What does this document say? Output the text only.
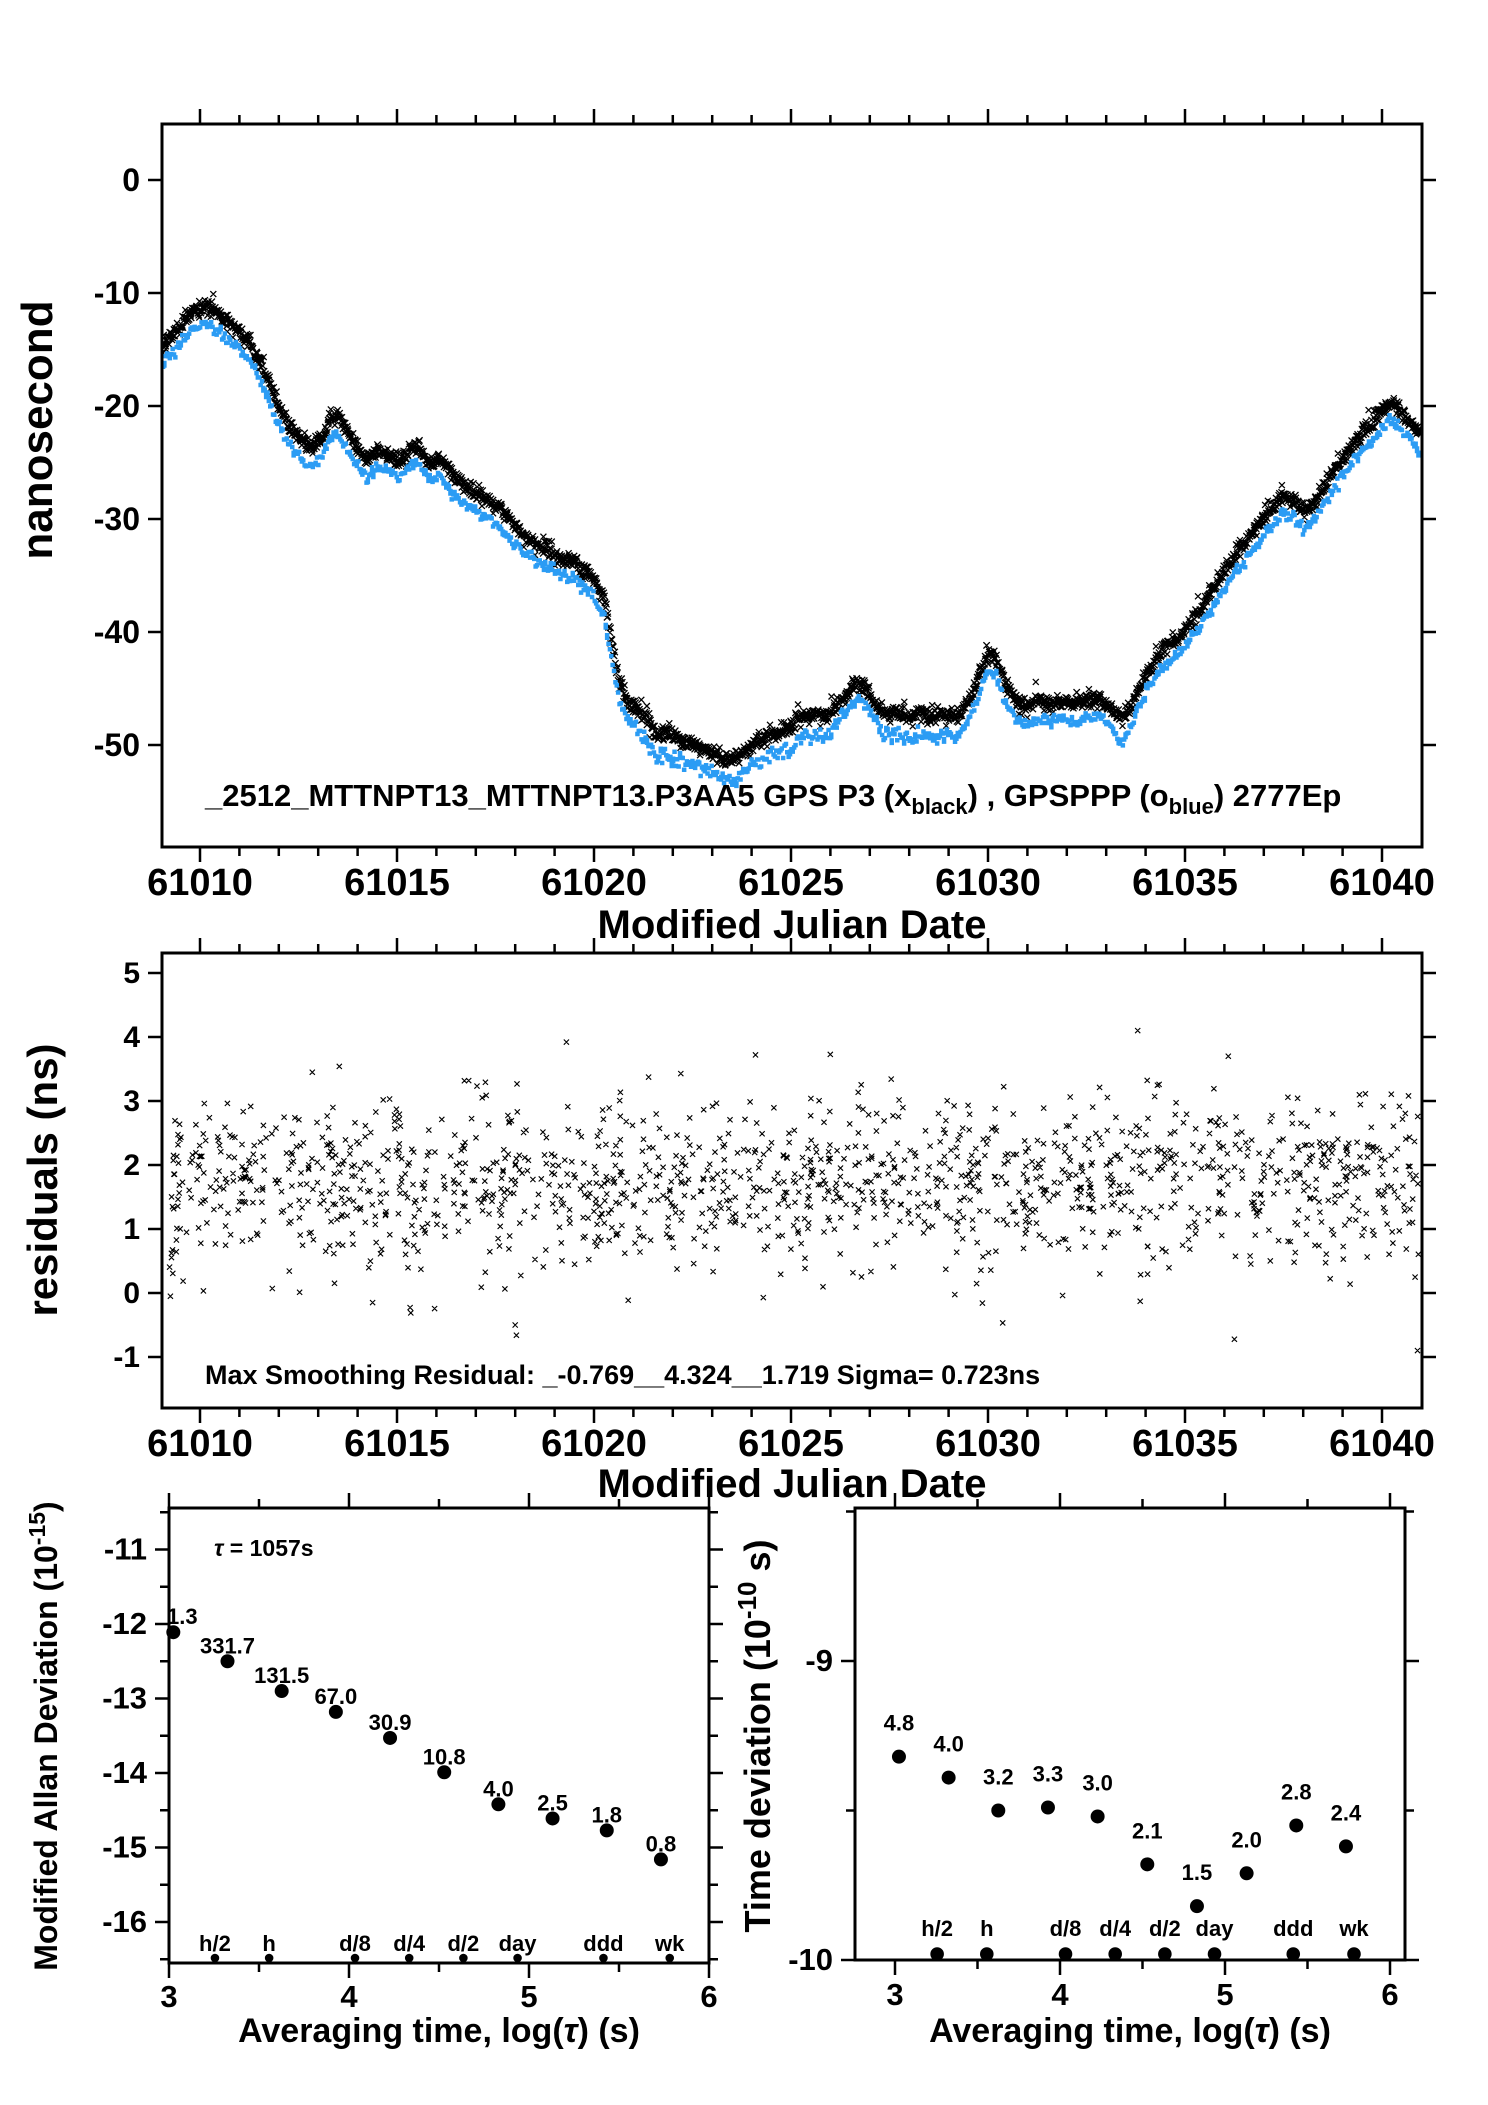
61010 61015 61020 61025 61030 61035 61040
0
-10
-20
-30
-40
-50
_2512_MTTNPT13_MTTNPT13.P3AA5 GPS P3 $(x_{black})$ , GPSPPP $(o_{blue})$ 2777Ep
Modified Julian Date
nanosecond
61010 61015 61020 61025 61030 61035 61040
5
4
3
2
1
0
-1
Max Smoothing Residual: _-0.769__4.324__1.719 Sigma= 0.723ns
Modified Julian Date
residuals (ns)
3	4	5	6
-11
-12
-13
-14
-15
-16
1.3
331.7
131.5
67.0
30.9
10.8
4.0
2.5 1.8
0.8
h/2 h	d/8 d/4 d/2 day ddd wk
Averaging time, log(τ) (s)
3	4	5	6
-9
-10
4.8
4.0
3.2 3.3 3.0
2.1
1.5
2.0
2.8
2.4
h/2 h	d/8 d/4 d/2 day ddd wk
Averaging time, log(τ) (s)
Modified Allan Deviation $(10^{-15})$
Time deviation ($10^{-10}$ s)
τ = 1057s
